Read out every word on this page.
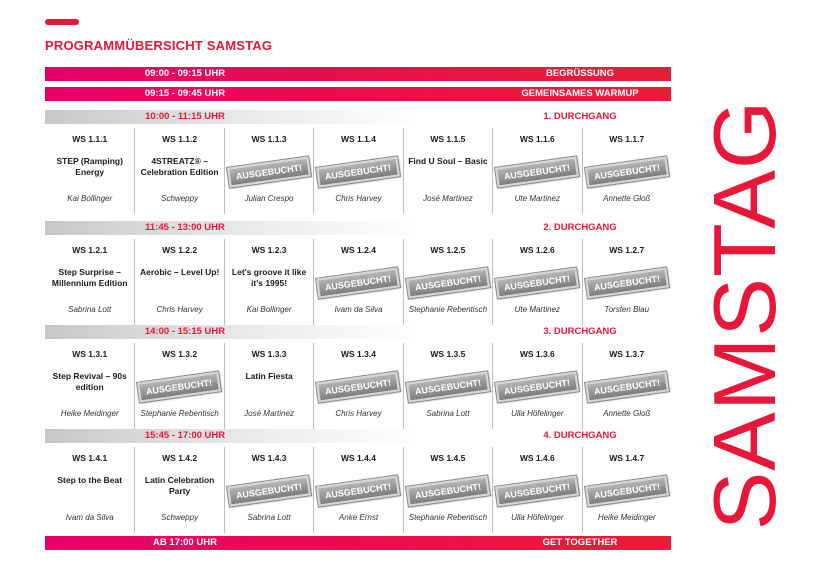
PROGRAMMÜBERSICHT SAMSTAG
09:00 - 09:15 UHR	BEGRÜSSUNG
09:15 - 09:45 UHR	GEMEINSAMES WARMUP
10:00 - 11:15 UHR	1. DURCHGANG
WS 1.1.1
STEP (Ramping) Energy
Kai Bollinger
WS 1.1.2
4STREATZ® – Celebration Edition
Schweppy
WS 1.1.3
Julian Crespo
AUSGEBUCHT!
WS 1.1.4
Chris Harvey
AUSGEBUCHT!
WS 1.1.5
Find U Soul – Basic
José Martinez
WS 1.1.6
Ute Martinez
AUSGEBUCHT!
WS 1.1.7
Annette Gloß
AUSGEBUCHT!
11:45 - 13:00 UHR	2. DURCHGANG
WS 1.2.1
Step Surprise – Millennium Edition
Sabrina Lott
WS 1.2.2
Aerobic – Level Up!
Chris Harvey
WS 1.2.3
Let's groove it like it's 1995!
Kai Bollinger
WS 1.2.4
Ivam da Silva
AUSGEBUCHT!
WS 1.2.5
Stephanie Rebentisch
AUSGEBUCHT!
WS 1.2.6
Ute Martinez
AUSGEBUCHT!
WS 1.2.7
Torsten Blau
AUSGEBUCHT!
14:00 - 15:15 UHR	3. DURCHGANG
WS 1.3.1
Step Revival – 90s edition
Heike Meidinger
WS 1.3.2
Stephanie Rebentisch
AUSGEBUCHT!
WS 1.3.3
Latin Fiesta
José Martinez
WS 1.3.4
Chris Harvey
AUSGEBUCHT!
WS 1.3.5
Sabrina Lott
AUSGEBUCHT!
WS 1.3.6
Ulla Höfelinger
AUSGEBUCHT!
WS 1.3.7
Annette Gloß
AUSGEBUCHT!
15:45 - 17:00 UHR	4. DURCHGANG
WS 1.4.1
Step to the Beat
Ivam da Silva
WS 1.4.2
Latin Celebration Party
Schweppy
WS 1.4.3
Sabrina Lott
AUSGEBUCHT!
WS 1.4.4
Anke Ernst
AUSGEBUCHT!
WS 1.4.5
Stephanie Rebentisch
AUSGEBUCHT!
WS 1.4.6
Ulla Höfelinger
AUSGEBUCHT!
WS 1.4.7
Heike Meidinger
AUSGEBUCHT!
AB 17:00 UHR	GET TOGETHER
SAMSTAG
